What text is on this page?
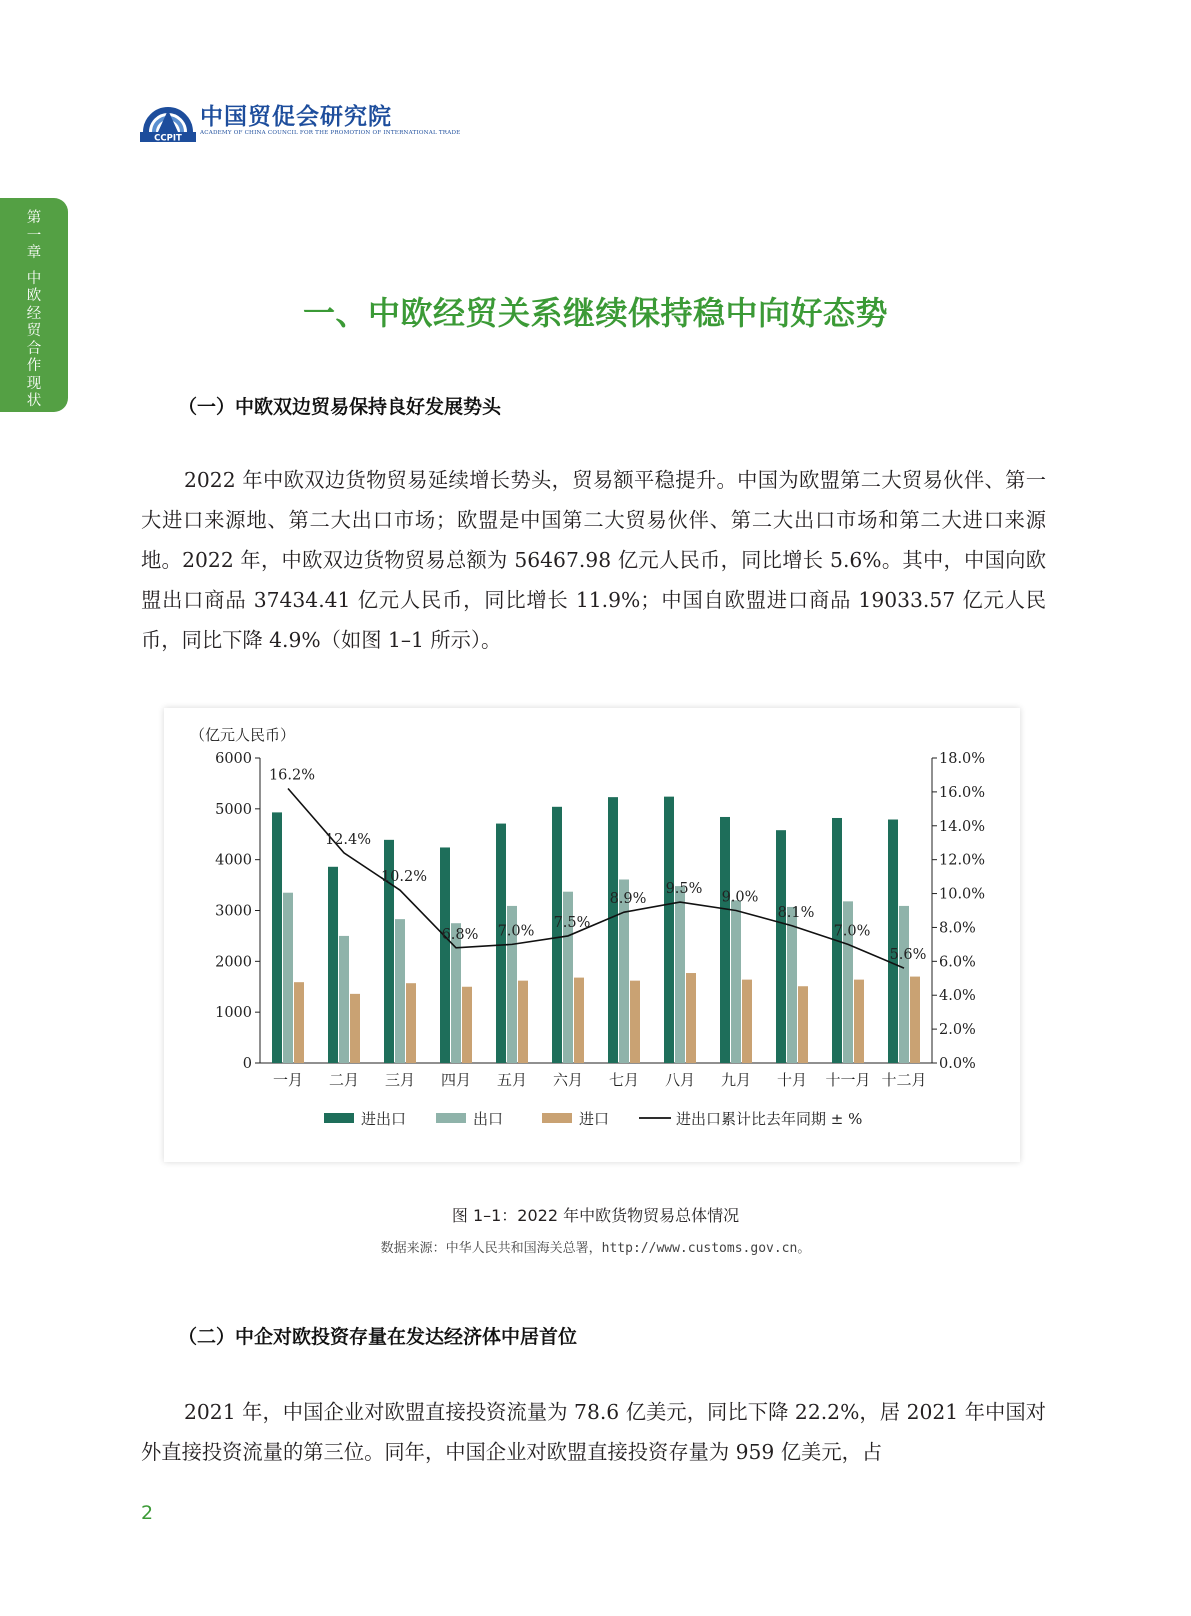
CCPIT
中国贸促会研究院
ACADEMY OF CHINA COUNCIL FOR THE PROMOTION OF INTERNATIONAL TRADE
第一章
中欧经贸合作现状
一、中欧经贸关系继续保持稳中向好态势
（一）中欧双边贸易保持良好发展势头

2022 年中欧双边货物贸易延续增长势头，贸易额平稳提升。中国为欧盟第二大贸易伙伴、第一大进口来源地、第二大出口市场；欧盟是中国第二大贸易伙伴、第二大出口市场和第二大进口来源地。2022 年，中欧双边货物贸易总额为 56467.98 亿元人民币，同比增长 5.6%。其中，中国向欧盟出口商品 37434.41 亿元人民币，同比增长 11.9%；中国自欧盟进口商品 19033.57 亿元人民币，同比下降 4.9%（如图 1–1 所示）。

（亿元人民币）
0
1000
2000
3000
4000
5000
6000
0.0%
2.0%
4.0%
6.0%
8.0%
10.0%
12.0%
14.0%
16.0%
18.0%
16.2%
12.4%
10.2%
6.8% 7.0%
7.5%
8.9%
9.5%
9.0%
8.1%
7.0%
5.6%
一月 二月 三月 四月 五月 六月 七月 八月 九月 十月 十一月 十二月
进出口	出口	进口	进出口累计比去年同期 ± %
图 1–1：2022 年中欧货物贸易总体情况
数据来源：中华人民共和国海关总署，http://www.customs.gov.cn。
（二）中企对欧投资存量在发达经济体中居首位

2021 年，中国企业对欧盟直接投资流量为 78.6 亿美元，同比下降 22.2%，居 2021 年中国对外直接投资流量的第三位。同年，中国企业对欧盟直接投资存量为 959 亿美元，占

2
